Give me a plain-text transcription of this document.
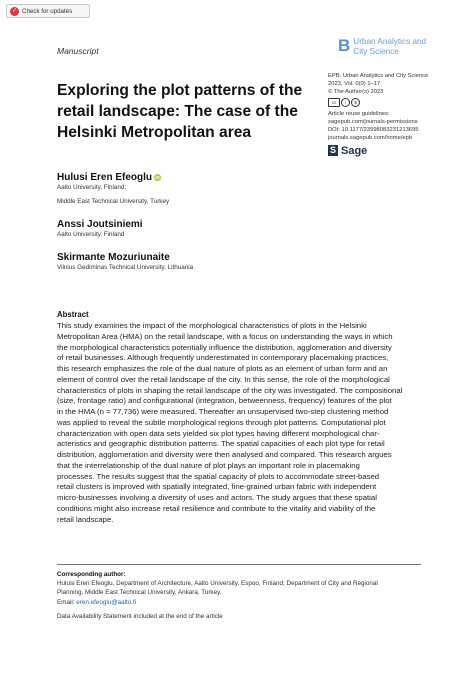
✓ Check for updates
Manuscript	B Urban Analytics and
City Science
Exploring the plot patterns of the retail landscape: The case of the Helsinki Metropolitan area
EPB: Urban Analytics and City Science
2023, Vol. 0(0) 1–17
© The Author(s) 2023
cc	i	$
Article reuse guidelines:
sagepub.com/journals-permissions
DOI: 10.1177/23998083231213695
journals.sagepub.com/home/epb
S Sage
Hulusi Eren Efeoglu iD
Aalto University, Finland;
Middle East Technical University, Turkey
Anssi Joutsiniemi
Aalto University, Finland
Skirmante Mozuriunaite
Vilnius Gediminas Technical University, Lithuania
Abstract
This study examines the impact of the morphological characteristics of plots in the Helsinki
Metropolitan Area (HMA) on the retail landscape, with a focus on understanding the ways in which
the morphological characteristics potentially influence the distribution, agglomeration and diversity
of retail businesses. Although frequently underestimated in contemporary placemaking practices,
this research emphasizes the role of the dual nature of plots as an element of urban form and an
element of control over the retail landscape of the city. In this sense, the role of the morphological
characteristics of plots in shaping the retail landscape of the city was investigated. The compositional
(size, frontage ratio) and configurational (integration, betweenness, frequency) features of the plot
in the HMA (n = 77,736) were measured. Thereafter an unsupervised two-step clustering method
was applied to reveal the subtle morphological regions through plot patterns. Computational plot
characterization with open data sets yielded six plot types having different morphological char-
acteristics and geographic distribution patterns. The spatial capacities of each plot type for retail
distribution, agglomeration and diversity were then analysed and compared. This research argues
that the interrelationship of the dual nature of plot plays an important role in placemaking
processes. The results suggest that the spatial capacity of plots to accommodate street-based
retail clusters is improved with spatially integrated, fine-grained urban fabric with independent
micro-businesses involving a diversity of uses and actors. The study argues that these spatial
conditions might also increase retail resilience and contribute to the vitality and viability of the
retail landscape.
Corresponding author:
Hulusi Eren Efeoglu, Department of Architecture, Aalto University, Espoo, Finland; Department of City and Regional
Planning, Middle East Technical University, Ankara, Turkey.
Email: eren.efeoglu@aalto.fi
Data Availability Statement included at the end of the article
